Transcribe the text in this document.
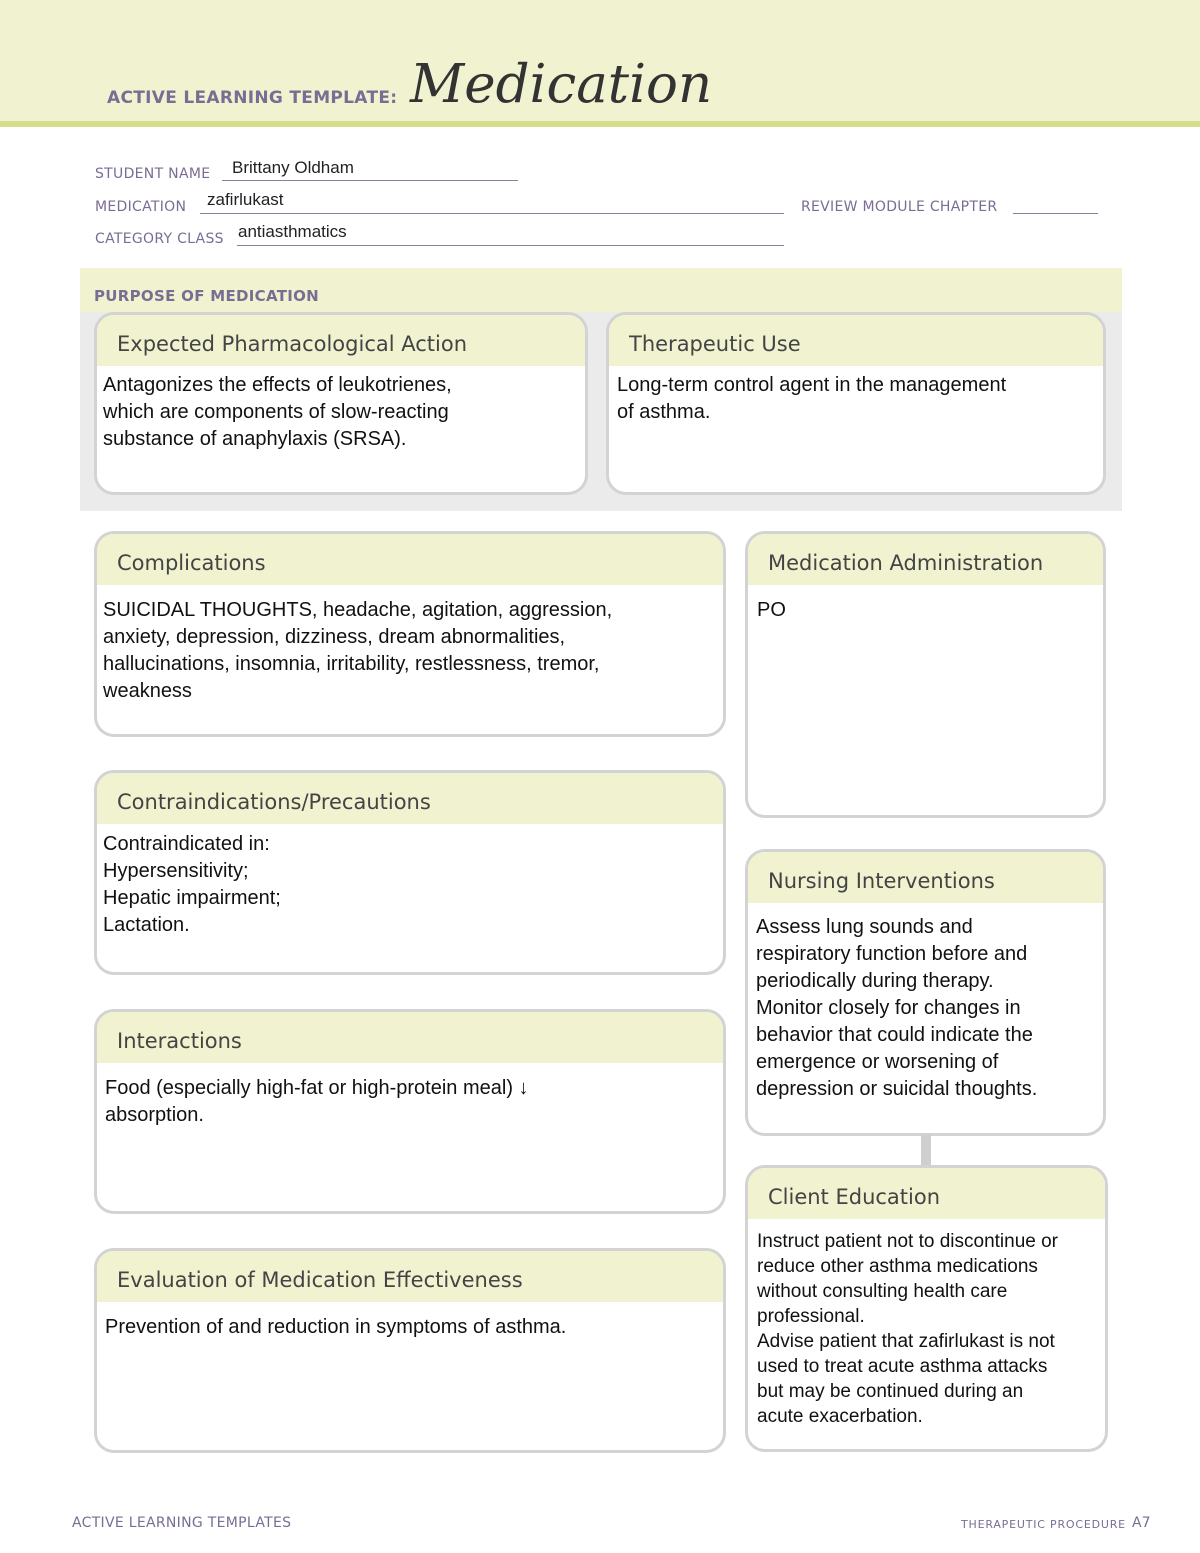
ACTIVE LEARNING TEMPLATE: Medication
STUDENT NAME Brittany Oldham
MEDICATION zafirlukast	REVIEW MODULE CHAPTER
CATEGORY CLASS antiasthmatics
PURPOSE OF MEDICATION
Expected Pharmacological Action
Antagonizes the effects of leukotrienes,
which are components of slow-reacting
substance of anaphylaxis (SRSA).
Therapeutic Use
Long-term control agent in the management
of asthma.
Complications
SUICIDAL THOUGHTS, headache, agitation, aggression,
anxiety, depression, dizziness, dream abnormalities,
hallucinations, insomnia, irritability, restlessness, tremor,
weakness
Medication Administration
PO
Contraindications/Precautions
Contraindicated in:
Hypersensitivity;
Hepatic impairment;
Lactation.
Nursing Interventions
Assess lung sounds and
respiratory function before and
periodically during therapy.
Monitor closely for changes in
behavior that could indicate the
emergence or worsening of
depression or suicidal thoughts.
Interactions
Food (especially high-fat or high-protein meal) ↓
absorption.
Client Education
Instruct patient not to discontinue or
reduce other asthma medications
without consulting health care
professional.
Advise patient that zafirlukast is not
used to treat acute asthma attacks
but may be continued during an
acute exacerbation.
Evaluation of Medication Effectiveness
Prevention of and reduction in symptoms of asthma.
ACTIVE LEARNING TEMPLATES	THERAPEUTIC PROCEDURE A7
